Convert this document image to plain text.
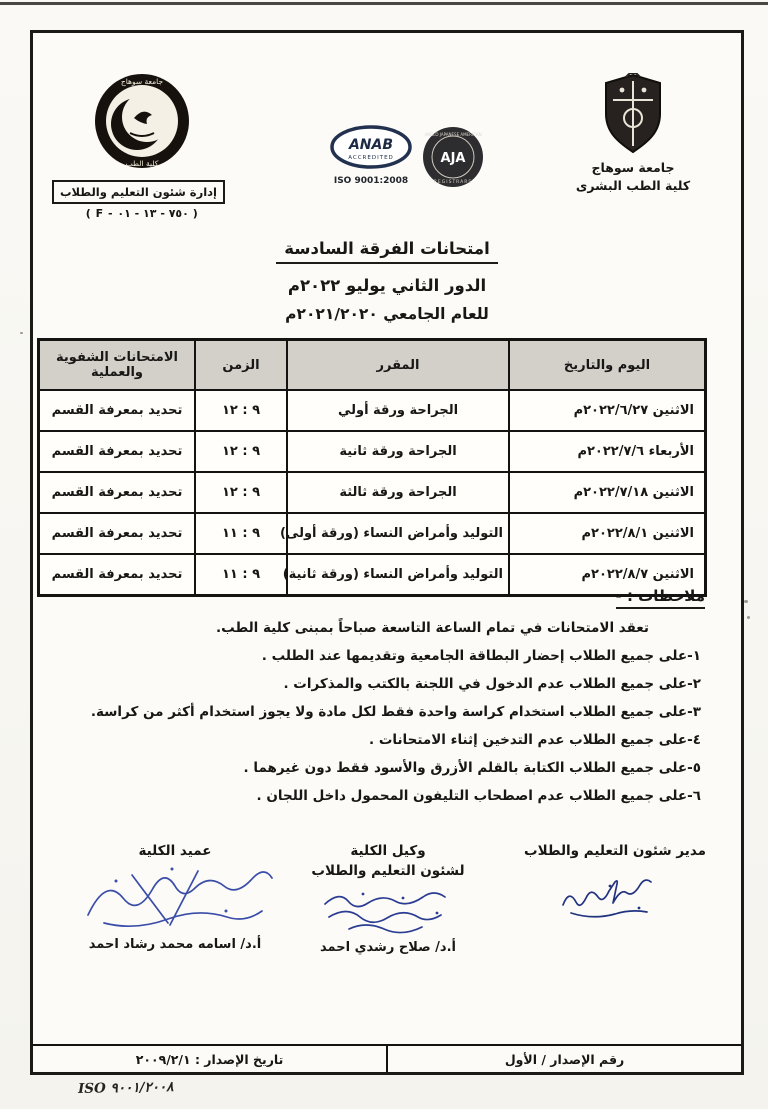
جامعة سوهاج
كلية الطب
إدارة شئون التعليم والطلاب
( F - ٧٥٠ - ١٣ - ٠١ )
ANAB
ACCREDITED
ISO 9001:2008
AJA
ANGLO JAPANESE AMERICAN
REGISTRARS
جامعة سوهاج
كلية الطب البشرى
امتحانات الفرقة السادسة
الدور الثاني يوليو ٢٠٢٢م
للعام الجامعي ٢٠٢١/٢٠٢٠م
اليوم والتاريخ	المقرر	الزمن	الامتحانات الشفوية والعملية
الاثنين ٢٠٢٢/٦/٢٧م	الجراحة ورقة أولي	٩ : ١٢	تحديد بمعرفة القسم
الأربعاء ٢٠٢٢/٧/٦م	الجراحة ورقة ثانية	٩ : ١٢	تحديد بمعرفة القسم
الاثنين ٢٠٢٢/٧/١٨م	الجراحة ورقة ثالثة	٩ : ١٢	تحديد بمعرفة القسم
الاثنين ٢٠٢٢/٨/١م	التوليد وأمراض النساء (ورقة أولى)	٩ : ١١	تحديد بمعرفة القسم
الاثنين ٢٠٢٢/٨/٧م	التوليد وأمراض النساء (ورقة ثانية)	٩ : ١١	تحديد بمعرفة القسم
ملاحظات : -
تعقد الامتحانات في تمام الساعة التاسعة صباحاً بمبنى كلية الطب.
١-على جميع الطلاب إحضار البطاقة الجامعية وتقديمها عند الطلب .
٢-على جميع الطلاب عدم الدخول في اللجنة بالكتب والمذكرات .
٣-على جميع الطلاب استخدام كراسة واحدة فقط لكل مادة ولا يجوز استخدام أكثر من كراسة.
٤-على جميع الطلاب عدم التدخين إثناء الامتحانات .
٥-على جميع الطلاب الكتابة بالقلم الأزرق والأسود فقط دون غيرهما .
٦-على جميع الطلاب عدم اصطحاب التليفون المحمول داخل اللجان .
مدير شئون التعليم والطلاب
وكيل الكلية
لشئون التعليم والطلاب
أ.د/ صلاح رشدي احمد
عميد الكلية
أ.د/ اسامه محمد رشاد احمد
رقم الإصدار / الأول
تاريخ الإصدار : ٢٠٠٩/٢/١
ISO ٩٠٠١/٢٠٠٨
